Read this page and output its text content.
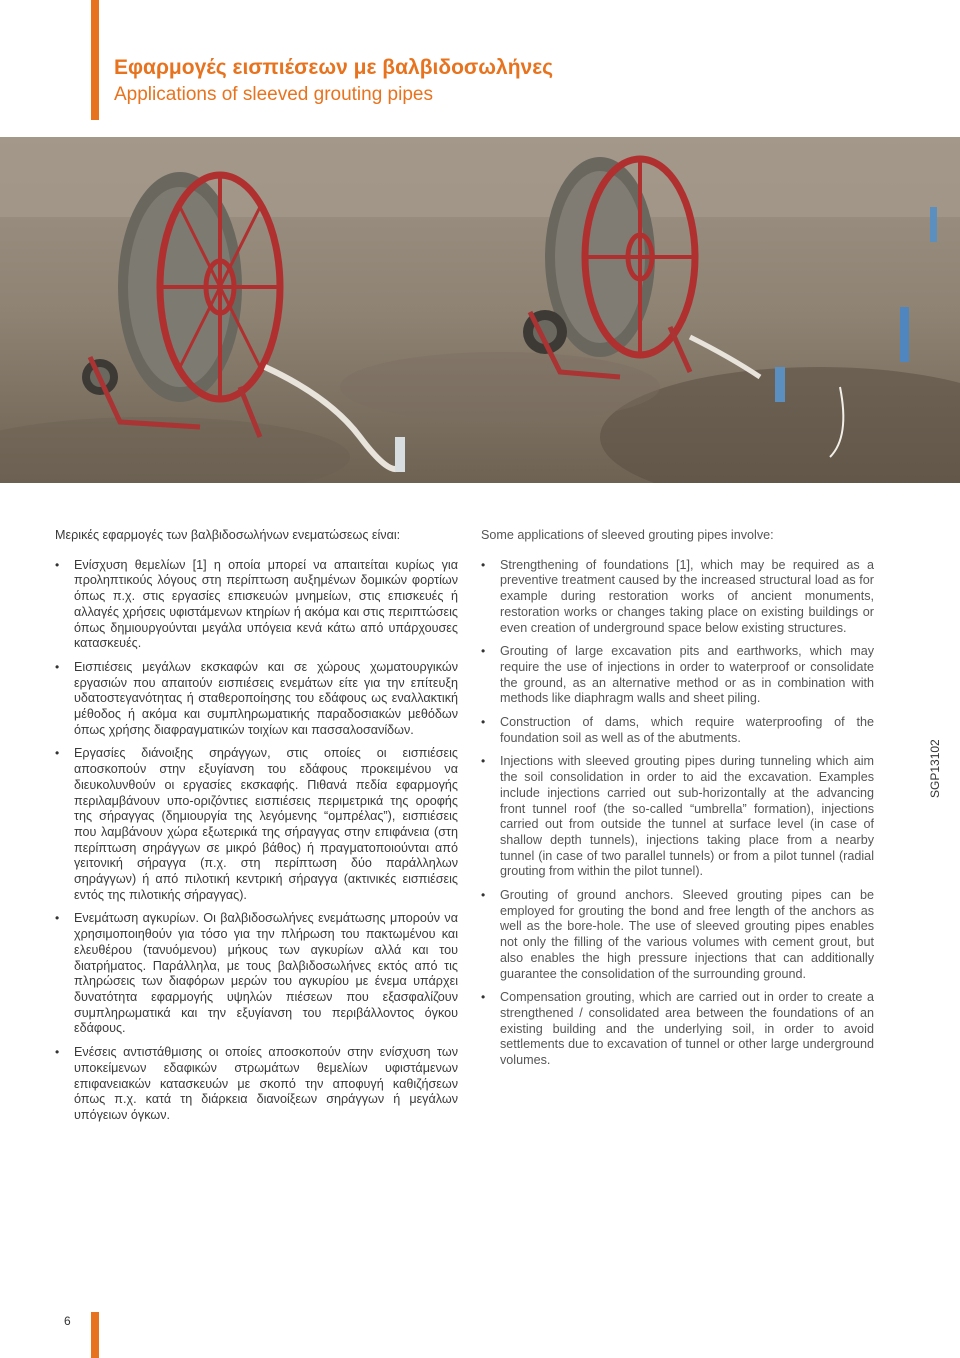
Εφαρμογές εισπιέσεων με βαλβιδοσωλήνες
Applications of sleeved grouting pipes

Μερικές εφαρμογές των βαλβιδοσωλήνων ενεματώσεως είναι:

• Ενίσχυση θεμελίων [1] η οποία μπορεί να απαιτείται κυρίως για προληπτικούς λόγους στη περίπτωση αυξημένων δομικών φορτίων όπως π.χ. στις εργασίες επισκευών μνημείων, στις επισκευές ή αλλαγές χρήσεις υφιστάμενων κτηρίων ή ακόμα και στις περιπτώσεις όπως δημιουργούνται μεγάλα υπόγεια κενά κάτω από υπάρχουσες κατασκευές.
• Εισπιέσεις μεγάλων εκσκαφών και σε χώρους χωματουργικών εργασιών που απαιτούν εισπιέσεις ενεμάτων είτε για την επίτευξη υδατοστεγανότητας ή σταθεροποίησης του εδάφους ως εναλλακτική μέθοδος ή ακόμα και συμπληρωματικής παραδοσιακών μεθόδων όπως χρήσης διαφραγματικών τοιχίων και πασσαλοσανίδων.
• Εργασίες διάνοιξης σηράγγων, στις οποίες οι εισπιέσεις αποσκοπούν στην εξυγίανση του εδάφους προκειμένου να διευκολυνθούν οι εργασίες εκσκαφής. Πιθανά πεδία εφαρμογής περιλαμβάνουν υπο-οριζόντιες εισπιέσεις περιμετρικά της οροφής της σήραγγας (δημιουργία της λεγόμενης “ομπρέλας”), εισπιέσεις που λαμβάνουν χώρα εξωτερικά της σήραγγας στην επιφάνεια (στη περίπτωση σηράγγων σε μικρό βάθος) ή πραγματοποιούνται από γειτονική σήραγγα (π.χ. στη περίπτωση δύο παράλληλων σηράγγων) ή από πιλοτική κεντρική σήραγγα (ακτινικές εισπιέσεις εντός της πιλοτικής σήραγγας).
• Ενεμάτωση αγκυρίων. Οι βαλβιδοσωλήνες ενεμάτωσης μπορούν να χρησιμοποιηθούν για τόσο για την πλήρωση του πακτωμένου και ελευθέρου (τανυόμενου) μήκους των αγκυρίων αλλά και του διατρήματος. Παράλληλα, με τους βαλβιδοσωλήνες εκτός από τις πληρώσεις των διαφόρων μερών του αγκυρίου με ένεμα υπάρχει δυνατότητα εφαρμογής υψηλών πιέσεων που εξασφαλίζουν συμπληρωματικά και την εξυγίανση του περιβάλλοντος όγκου εδάφους.
• Ενέσεις αντιστάθμισης οι οποίες αποσκοπούν στην ενίσχυση των υποκείμενων εδαφικών στρωμάτων θεμελίων υφιστάμενων επιφανειακών κατασκευών με σκοπό την αποφυγή καθιζήσεων όπως π.χ. κατά τη διάρκεια διανοίξεων σηράγγων ή μεγάλων υπόγειων όγκων.

Some applications of sleeved grouting pipes involve:

• Strengthening of foundations [1], which may be required as a preventive treatment caused by the increased structural load as for example during restoration works of ancient monuments, restoration works or changes taking place on existing buildings or even creation of underground space below existing structures.
• Grouting of large excavation pits and earthworks, which may require the use of injections in order to waterproof or consolidate the ground, as an alternative method or as in combination with methods like diaphragm walls and sheet piling.
• Construction of dams, which require waterproofing of the foundation soil as well as of the abutments.
• Injections with sleeved grouting pipes during tunneling which aim the soil consolidation in order to aid the excavation. Examples include injections carried out sub-horizontally at the advancing front tunnel roof (the so-called “umbrella” formation), injections carried out from outside the tunnel at surface level (in case of shallow depth tunnels), injections taking place from a nearby tunnel (in case of two parallel tunnels) or from a pilot tunnel (radial grouting from within the pilot tunnel).
• Grouting of ground anchors. Sleeved grouting pipes can be employed for grouting the bond and free length of the anchors as well as the bore-hole. The use of sleeved grouting pipes enables not only the filling of the various volumes with cement grout, but also enables the high pressure injections that can additionally guarantee the consolidation of the surrounding ground.
• Compensation grouting, which are carried out in order to create a strengthened / consolidated area between the foundations of an existing building and the underlying soil, in order to avoid settlements due to excavation of tunnel or other large underground volumes.
SGP131024
6
